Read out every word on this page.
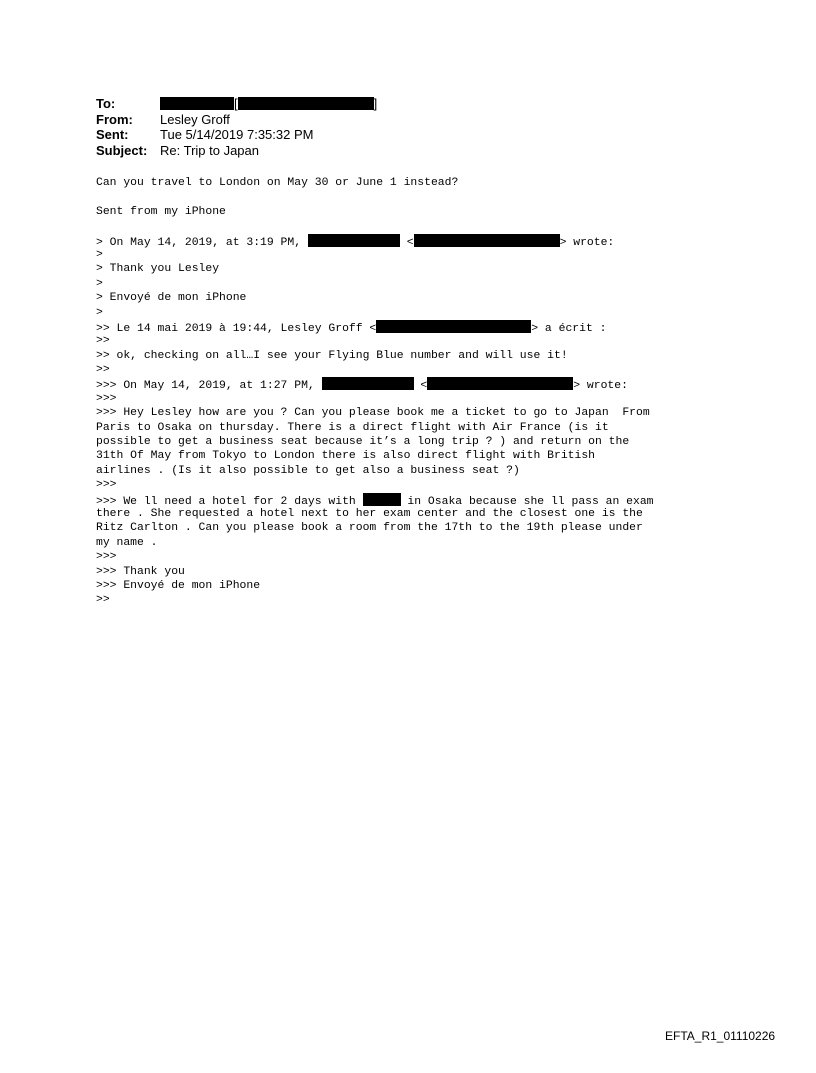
To:	[	]
From:	Lesley Groff
Sent:	Tue 5/14/2019 7:35:32 PM
Subject: Re: Trip to Japan
Can you travel to London on May 30 or June 1 instead?
Sent from my iPhone
> On May 14, 2019, at 3:19 PM,	<	> wrote:
>
> Thank you Lesley
>
> Envoyé de mon iPhone
>
>> Le 14 mai 2019 à 19:44, Lesley Groff <	> a écrit :
>>
>> ok, checking on all…I see your Flying Blue number and will use it!
>>
>>> On May 14, 2019, at 1:27 PM,	<	> wrote:
>>>
>>> Hey Lesley how are you ? Can you please book me a ticket to go to Japan  From
Paris to Osaka on thursday. There is a direct flight with Air France (is it
possible to get a business seat because it’s a long trip ? ) and return on the
31th Of May from Tokyo to London there is also direct flight with British
airlines . (Is it also possible to get also a business seat ?)
>>>
>>> We ll need a hotel for 2 days with	in Osaka because she ll pass an exam
there . She requested a hotel next to her exam center and the closest one is the
Ritz Carlton . Can you please book a room from the 17th to the 19th please under
my name .
>>>
>>> Thank you
>>> Envoyé de mon iPhone
>>
EFTA_R1_01110226
